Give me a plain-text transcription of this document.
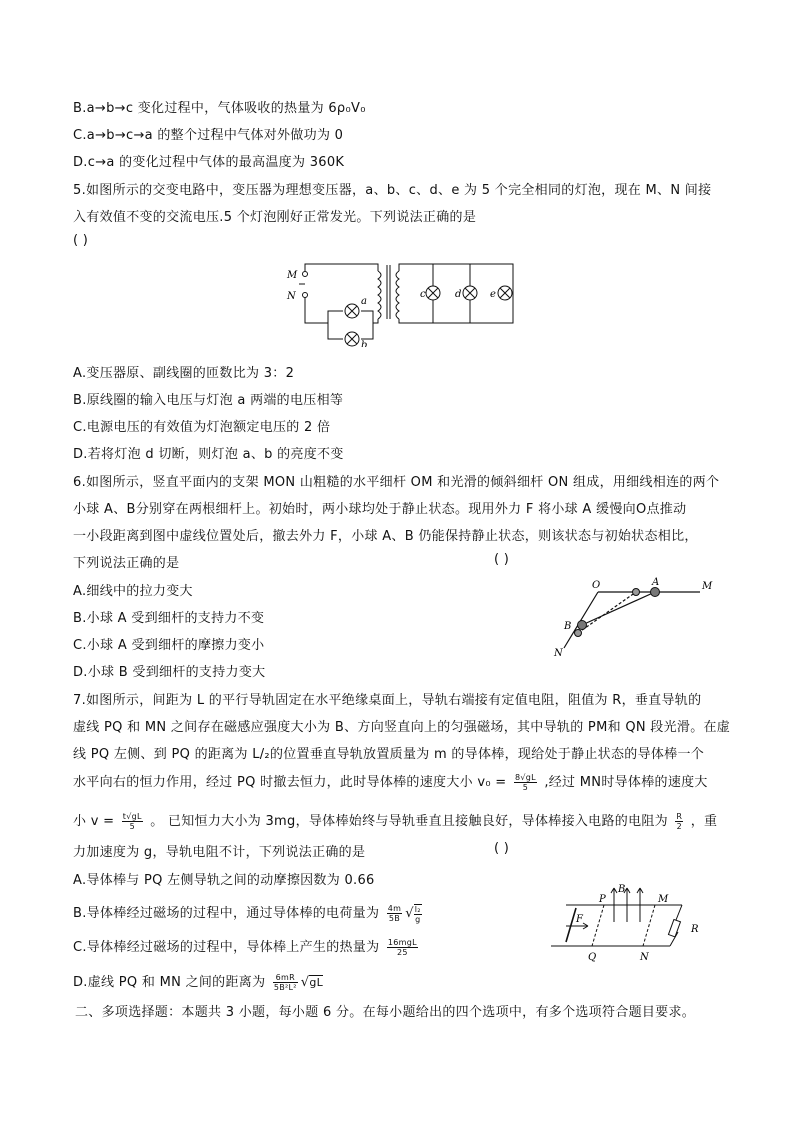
B.a→b→c 变化过程中，气体吸收的热量为 6ρ₀V₀
C.a→b→c→a 的整个过程中气体对外做功为 0
D.c→a 的变化过程中气体的最高温度为 360K
5.如图所示的交变电路中，变压器为理想变压器，a、b、c、d、e 为 5 个完全相同的灯泡，现在 M、N 间接
入有效值不变的交流电压.5 个灯泡刚好正常发光。下列说法正确的是
( )
M
N	a
b
c	d	e
A.变压器原、副线圈的匝数比为 3：2
B.原线圈的输入电压与灯泡 a 两端的电压相等
C.电源电压的有效值为灯泡额定电压的 2 倍
D.若将灯泡 d 切断，则灯泡 a、b 的亮度不变
6.如图所示，竖直平面内的支架 MON 山粗糙的水平细杆 OM 和光滑的倾斜细杆 ON 组成，用细线相连的两个
小球 A、B分别穿在两根细杆上。初始时，两小球均处于静止状态。现用外力 F 将小球 A 缓慢向O点推动
一小段距离到图中虚线位置处后，撤去外力 F，小球 A、B 仍能保持静止状态，则该状态与初始状态相比，
下列说法正确的是	( )
A.细线中的拉力变大
B.小球 A 受到细杆的支持力不变
C.小球 A 受到细杆的摩擦力变小
D.小球 B 受到细杆的支持力变大
O	A	M
B
N
7.如图所示，间距为 L 的平行导轨固定在水平绝缘桌面上，导轨右端接有定值电阻，阻值为 R，垂直导轨的
虚线 PQ 和 MN 之间存在磁感应强度大小为 B、方向竖直向上的匀强磁场，其中导轨的 PM和 QN 段光滑。在虚
线 PQ 左侧、到 PQ 的距离为 L/₂的位置垂直导轨放置质量为 m 的导体棒，现给处于静止状态的导体棒一个
水平向右的恒力作用，经过 PQ 时撤去恒力，此时导体棒的速度大小 $v_0 = \frac{8√gL}{5}$ ,经过 MN时导体棒的速度大
小 $v = \frac{t√gL}{5}$ 。 已知恒力大小为 3mg，导体棒始终与导轨垂直且接触良好，导体棒接入电路的电阻为 $\frac{R}{2}$ ，重
力加速度为 g，导轨电阻不计，下列说法正确的是	( )
A.导体棒与 PQ 左侧导轨之间的动摩擦因数为 0.66
B.导体棒经过磁场的过程中，通过导体棒的电荷量为 $\frac{4m}{5B}$ √ $\frac{\text{l₂}}{g}$
C.导体棒经过磁场的过程中，导体棒上产生的热量为 $\frac{\text{16mgL}}{25}$
D.虚线 PQ 和 MN 之间的距离为 $\frac{6mR}{\text{5B²L²}} √gL$
P
B
M
Q	N
R
F
二、多项选择题：本题共 3 小题，每小题 6 分。在每小题给出的四个选项中，有多个选项符合题目要求。
